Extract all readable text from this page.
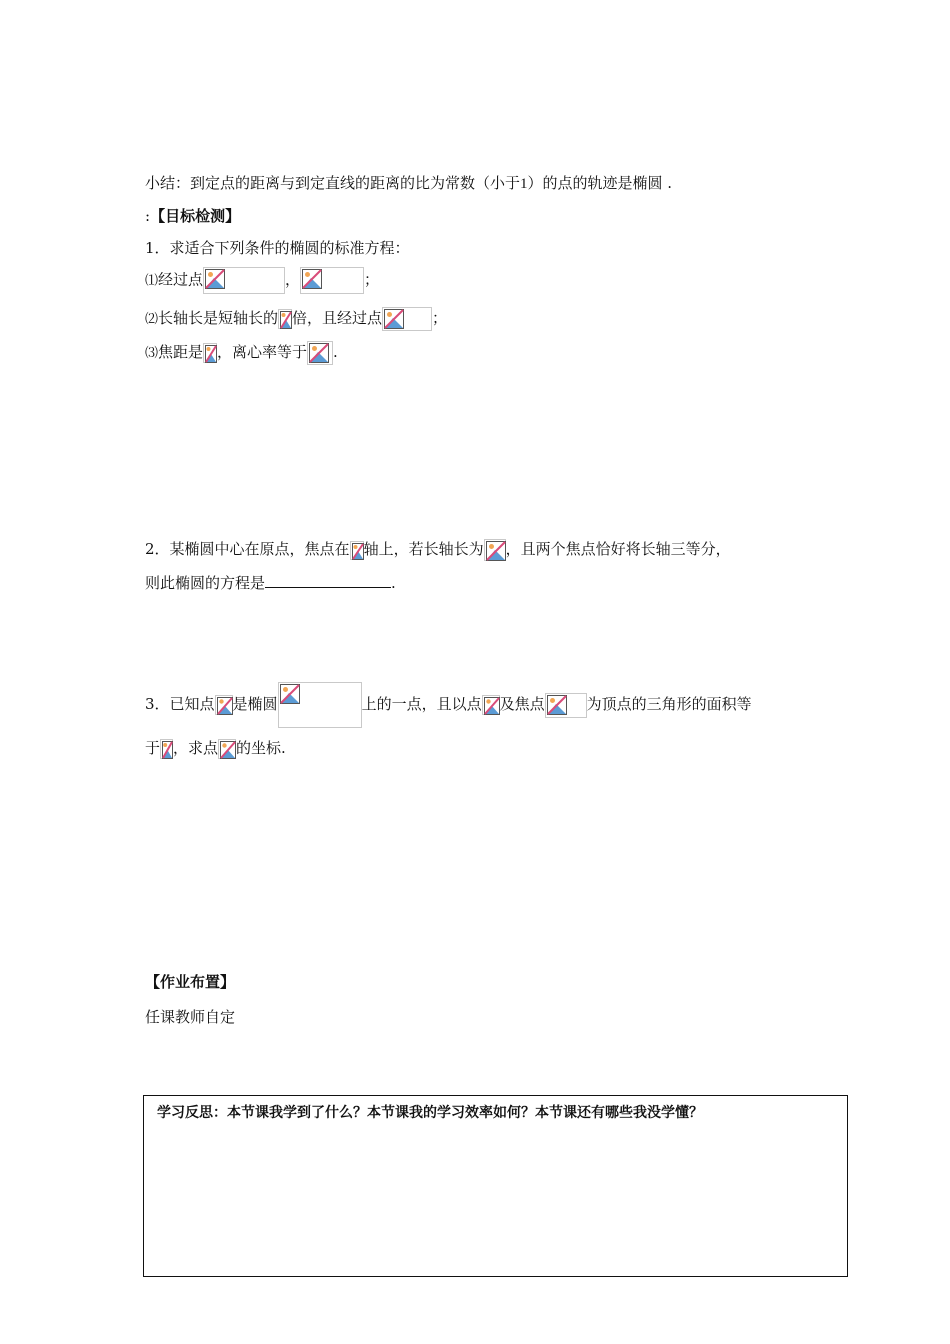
小结：到定点的距离与到定直线的距离的比为常数（小于1）的点的轨迹是椭圆 .
:【目标检测】
1．求适合下列条件的椭圆的标准方程：
⑴经过点	，	；
⑵长轴长是短轴长的 倍，且经过点	；
⑶焦距是 ，离心率等于 .
2．某椭圆中心在原点，焦点在 轴上，若长轴长为 ，且两个焦点恰好将长轴三等分，
则此椭圆的方程是	.
3．已知点 是椭圆	上的一点，且以点 及焦点	为顶点的三角形的面积等
于 ，求点 的坐标.
【作业布置】
任课教师自定
学习反思：本节课我学到了什么？本节课我的学习效率如何？本节课还有哪些我没学懂？
